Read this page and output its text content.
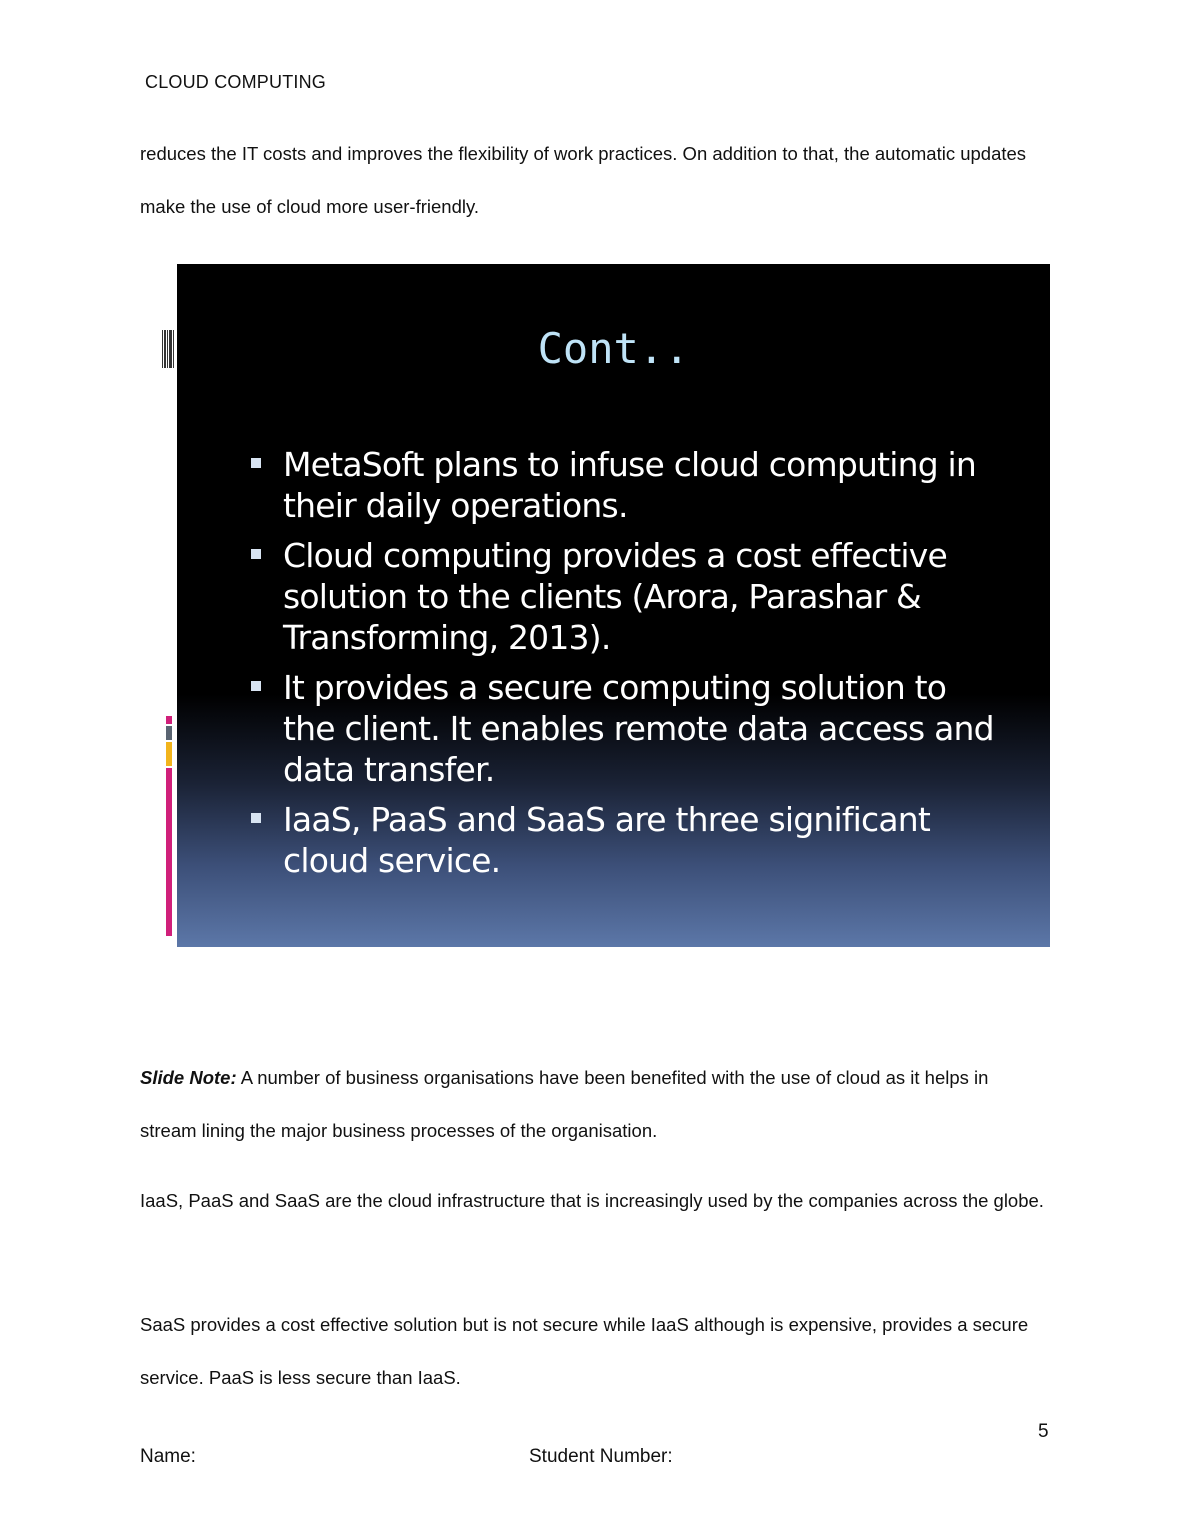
CLOUD COMPUTING
reduces the IT costs and improves the flexibility of work practices. On addition to that, the automatic updates make the use of cloud more user-friendly.
Cont..
MetaSoft plans to infuse cloud computing in their daily operations.
Cloud computing provides a cost effective solution to the clients (Arora, Parashar & Transforming, 2013).
It provides a secure computing solution to the client. It enables remote data access and data transfer.
IaaS, PaaS and SaaS are three significant cloud service.
Slide Note: A number of business organisations have been benefited with the use of cloud as it helps in stream lining the major business processes of the organisation.
IaaS, PaaS and SaaS are the cloud infrastructure that is increasingly used by the companies across the globe.
SaaS provides a cost effective solution but is not secure while IaaS although is expensive, provides a secure service. PaaS is less secure than IaaS.
5
Name:	Student Number:
